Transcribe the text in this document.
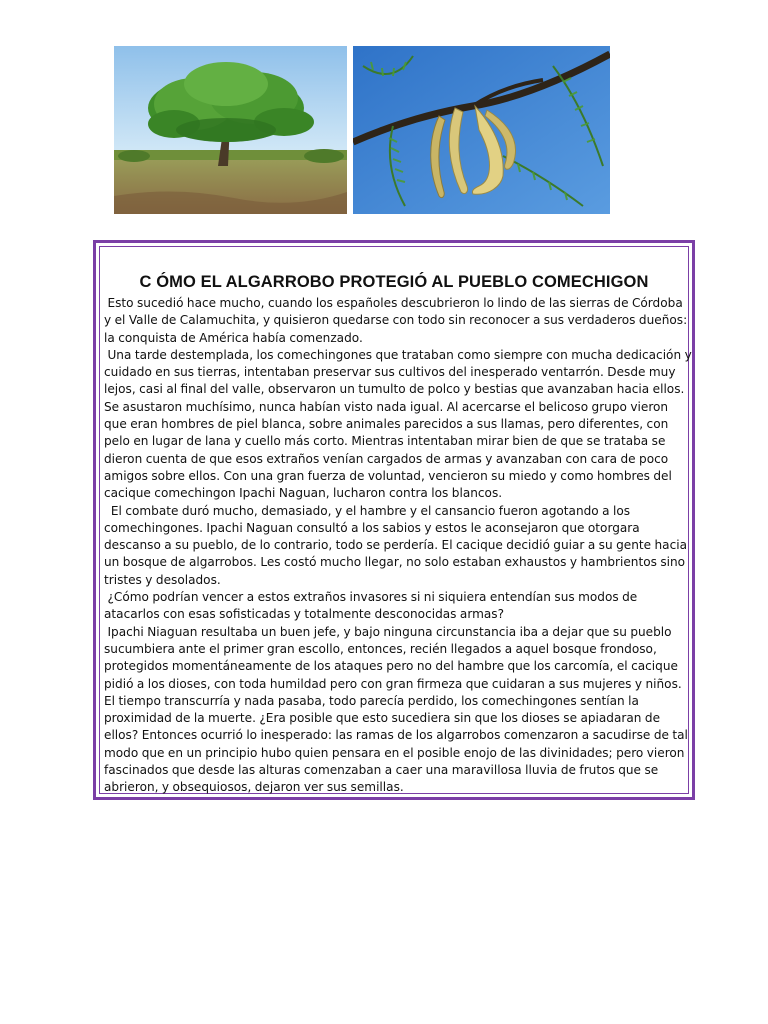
C ÓMO EL ALGARROBO PROTEGIÓ AL PUEBLO COMECHIGON

Esto sucedió hace mucho, cuando los españoles descubrieron lo lindo de las sierras de Córdoba y el Valle de Calamuchita, y quisieron quedarse con todo sin reconocer a sus verdaderos dueños: la conquista de América había comenzado.

Una tarde destemplada, los comechingones que trataban como siempre con mucha dedicación y cuidado en sus tierras, intentaban preservar sus cultivos del inesperado ventarrón. Desde muy lejos, casi al final del valle, observaron un tumulto de polco y bestias que avanzaban hacia ellos. Se asustaron muchísimo, nunca habían visto nada igual. Al acercarse el belicoso grupo vieron que eran hombres de piel blanca, sobre animales parecidos a sus llamas, pero diferentes, con pelo en lugar de lana y cuello más corto. Mientras intentaban mirar bien de que se trataba se dieron cuenta de que esos extraños venían cargados de armas y avanzaban con cara de poco amigos sobre ellos. Con una gran fuerza de voluntad, vencieron su miedo y como hombres del cacique comechingon Ipachi Naguan, lucharon contra los blancos.

El combate duró mucho, demasiado, y el hambre y el cansancio fueron agotando a los comechingones. Ipachi Naguan consultó a los sabios y estos le aconsejaron que otorgara descanso a su pueblo, de lo contrario, todo se perdería. El cacique decidió guiar a su gente hacia un bosque de algarrobos. Les costó mucho llegar, no solo estaban exhaustos y hambrientos sino tristes y desolados.

¿Cómo podrían vencer a estos extraños invasores si ni siquiera entendían sus modos de atacarlos con esas sofisticadas y totalmente desconocidas armas?

Ipachi Niaguan resultaba un buen jefe, y bajo ninguna circunstancia iba a dejar que su pueblo sucumbiera ante el primer gran escollo, entonces, recién llegados a aquel bosque frondoso, protegidos momentáneamente de los ataques pero no del hambre que los carcomía, el cacique pidió a los dioses, con toda humildad pero con gran firmeza que cuidaran a sus mujeres y niños.

El tiempo transcurría y nada pasaba, todo parecía perdido, los comechingones sentían la proximidad de la muerte. ¿Era posible que esto sucediera sin que los dioses se apiadaran de ellos? Entonces ocurrió lo inesperado: las ramas de los algarrobos comenzaron a sacudirse de tal modo que en un principio hubo quien pensara en el posible enojo de las divinidades; pero vieron fascinados que desde las alturas comenzaban a caer una maravillosa lluvia de frutos que se abrieron, y obsequiosos, dejaron ver sus semillas.
